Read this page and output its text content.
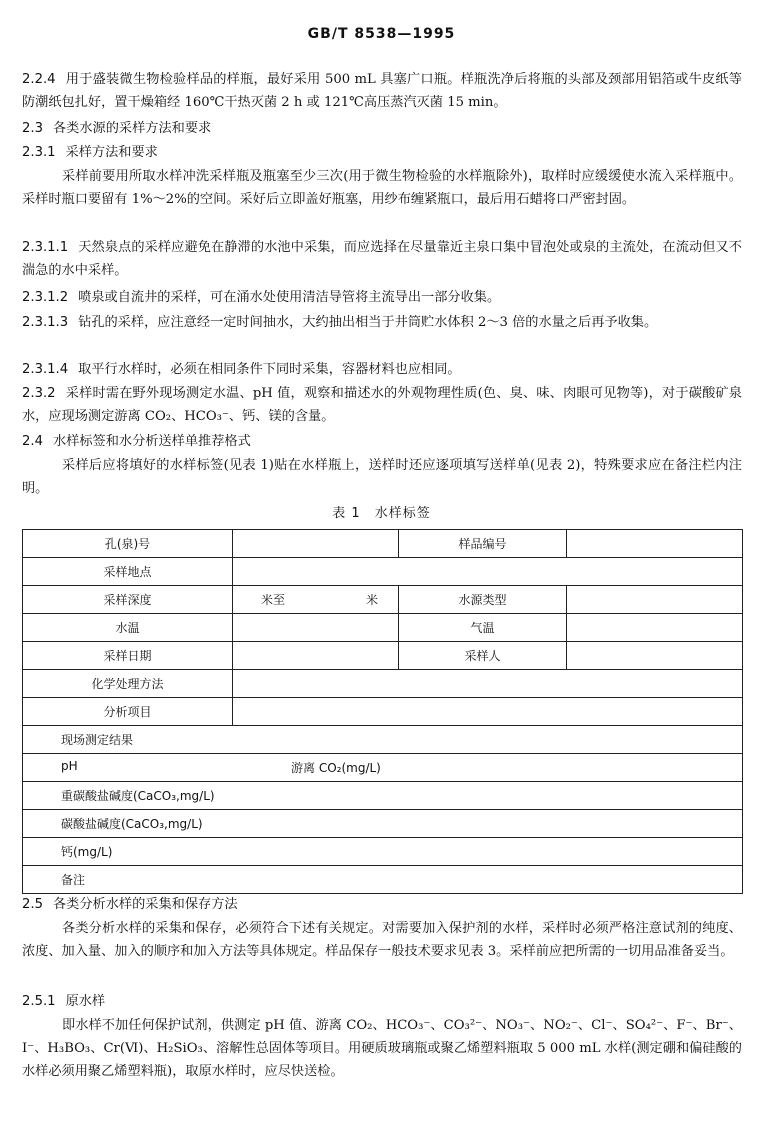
GB/T 8538—1995
2.2.4 用于盛装微生物检验样品的样瓶，最好采用 500 mL 具塞广口瓶。样瓶洗净后将瓶的头部及颈部用铝箔或牛皮纸等防潮纸包扎好，置干燥箱经 160℃干热灭菌 2 h 或 121℃高压蒸汽灭菌 15 min。
2.3 各类水源的采样方法和要求
2.3.1 采样方法和要求
采样前要用所取水样冲洗采样瓶及瓶塞至少三次(用于微生物检验的水样瓶除外)，取样时应缓缓使水流入采样瓶中。采样时瓶口要留有 1%～2%的空间。采好后立即盖好瓶塞，用纱布缠紧瓶口，最后用石蜡将口严密封固。
2.3.1.1 天然泉点的采样应避免在静滞的水池中采集，而应选择在尽量靠近主泉口集中冒泡处或泉的主流处，在流动但又不湍急的水中采样。
2.3.1.2 喷泉或自流井的采样，可在涌水处使用清洁导管将主流导出一部分收集。
2.3.1.3 钻孔的采样，应注意经一定时间抽水，大约抽出相当于井筒贮水体积 2～3 倍的水量之后再予收集。
2.3.1.4 取平行水样时，必须在相同条件下同时采集，容器材料也应相同。
2.3.2 采样时需在野外现场测定水温、pH 值，观察和描述水的外观物理性质(色、臭、味、肉眼可见物等)，对于碳酸矿泉水，应现场测定游离 CO₂、HCO₃⁻、钙、镁的含量。
2.4 水样标签和水分析送样单推荐格式
采样后应将填好的水样标签(见表 1)贴在水样瓶上，送样时还应逐项填写送样单(见表 2)，特殊要求应在备注栏内注明。
表 1　水样标签
孔(泉)号		样品编号	
采样地点			
采样深度	米至 米	水源类型	
水温		气温	
采样日期		采样人	
化学处理方法			
分析项目			
现场测定结果			

pH 游离 CO₂(mg/L)			

重碳酸盐碱度(CaCO₃,mg/L)			
碳酸盐碱度(CaCO₃,mg/L)			
钙(mg/L)			
备注			
2.5 各类分析水样的采集和保存方法
各类分析水样的采集和保存，必须符合下述有关规定。对需要加入保护剂的水样，采样时必须严格注意试剂的纯度、浓度、加入量、加入的顺序和加入方法等具体规定。样品保存一般技术要求见表 3。采样前应把所需的一切用品准备妥当。
2.5.1 原水样
即水样不加任何保护试剂，供测定 pH 值、游离 CO₂、HCO₃⁻、CO₃²⁻、NO₃⁻、NO₂⁻、Cl⁻、SO₄²⁻、F⁻、Br⁻、I⁻、H₃BO₃、Cr(Ⅵ)、H₂SiO₃、溶解性总固体等项目。用硬质玻璃瓶或聚乙烯塑料瓶取 5 000 mL 水样(测定硼和偏硅酸的水样必须用聚乙烯塑料瓶)，取原水样时，应尽快送检。
